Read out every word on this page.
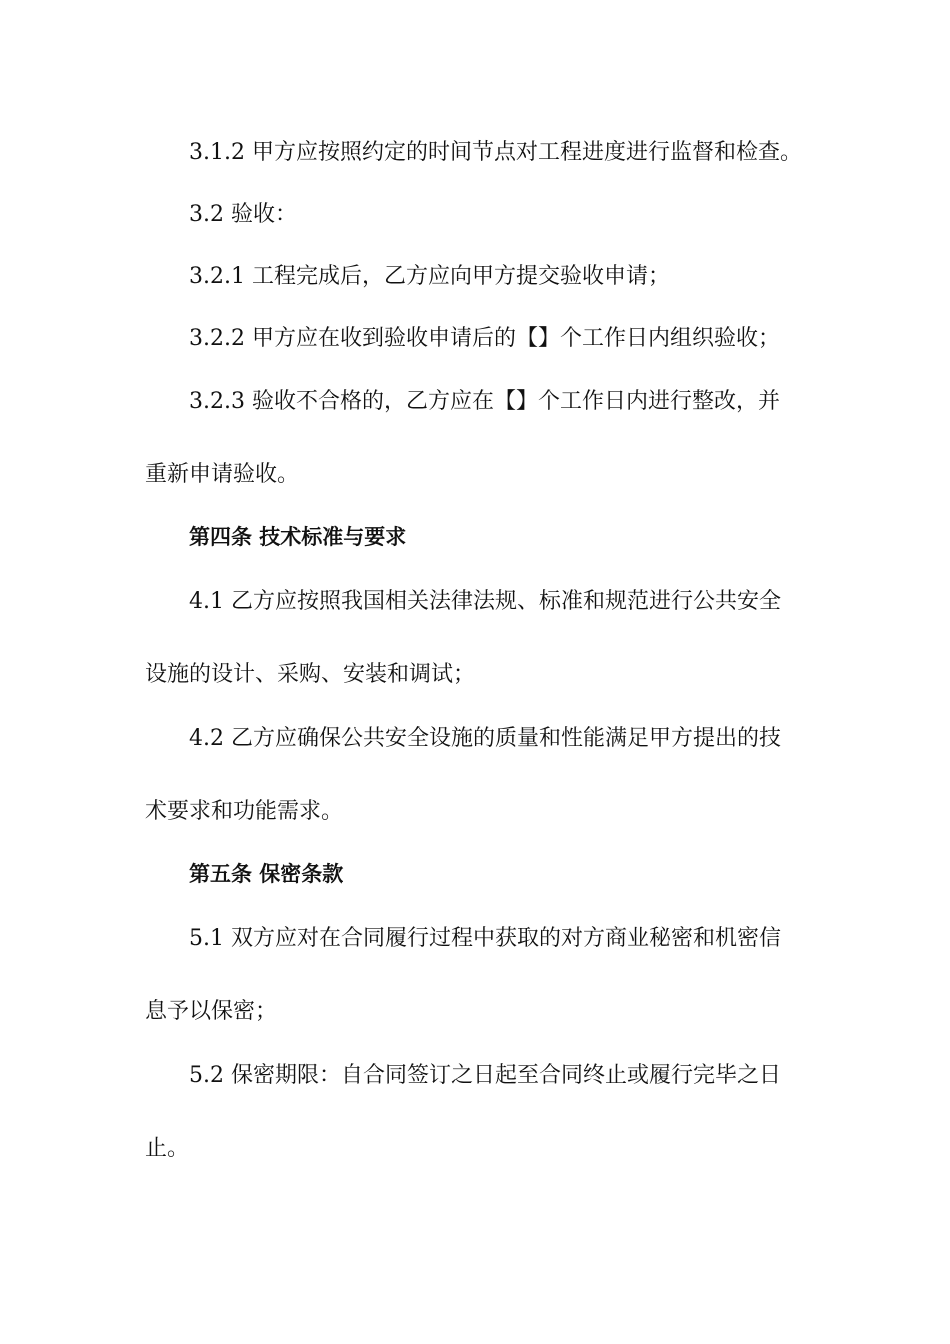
3.1.2 甲方应按照约定的时间节点对工程进度进行监督和检查。
3.2 验收：
3.2.1 工程完成后，乙方应向甲方提交验收申请；
3.2.2 甲方应在收到验收申请后的【】个工作日内组织验收；
3.2.3 验收不合格的，乙方应在【】个工作日内进行整改，并
重新申请验收。
第四条 技术标准与要求
4.1 乙方应按照我国相关法律法规、标准和规范进行公共安全
设施的设计、采购、安装和调试；
4.2 乙方应确保公共安全设施的质量和性能满足甲方提出的技
术要求和功能需求。
第五条 保密条款
5.1 双方应对在合同履行过程中获取的对方商业秘密和机密信
息予以保密；
5.2 保密期限：自合同签订之日起至合同终止或履行完毕之日
止。
